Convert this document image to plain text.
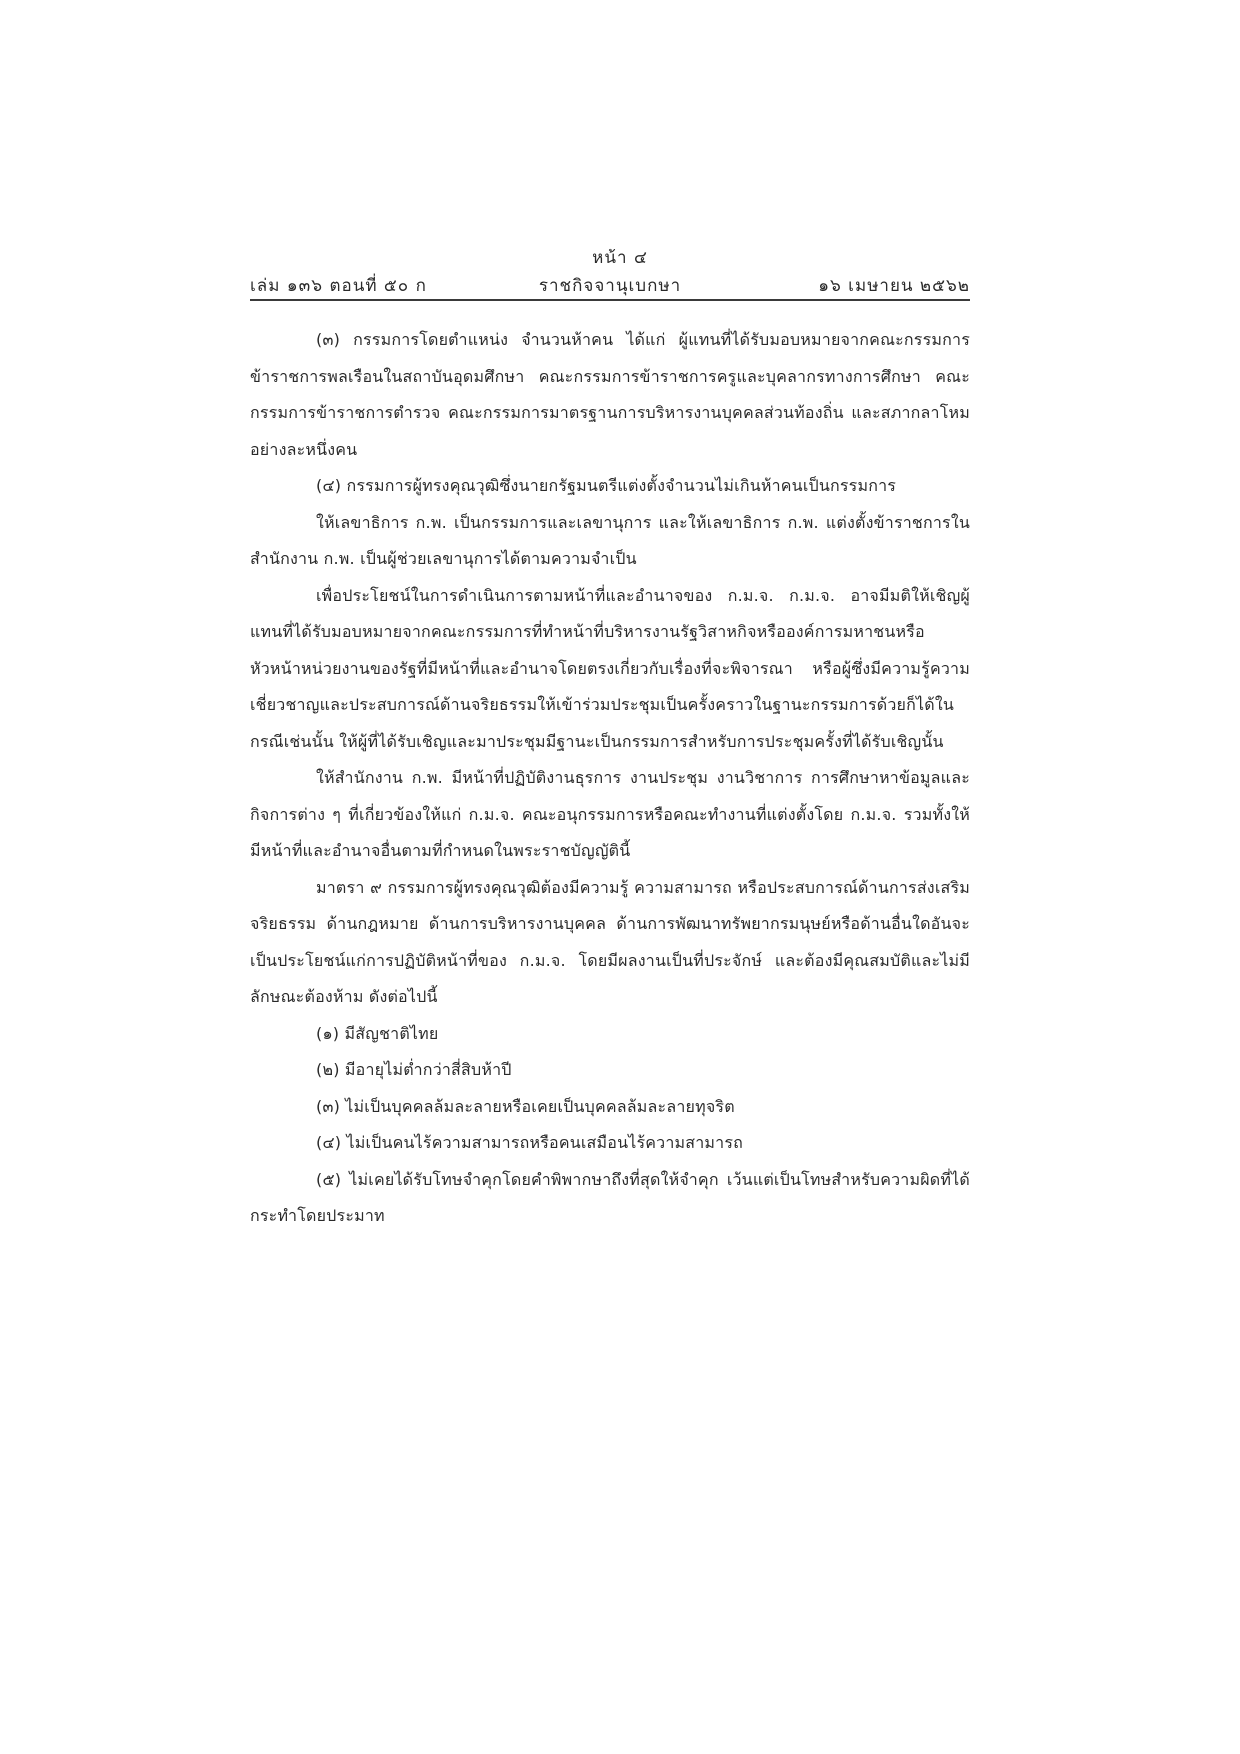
หน้า ๔
เล่ม ๑๓๖ ตอนที่ ๕๐ ก	ราชกิจจานุเบกษา	๑๖ เมษายน ๒๕๖๒

(๓) กรรมการโดยตำแหน่ง จำนวนห้าคน ได้แก่ ผู้แทนที่ได้รับมอบหมายจากคณะกรรมการข้าราชการพลเรือนในสถาบันอุดมศึกษา คณะกรรมการข้าราชการครูและบุคลากรทางการศึกษา คณะกรรมการข้าราชการตำรวจ คณะกรรมการมาตรฐานการบริหารงานบุคคลส่วนท้องถิ่น และสภากลาโหม อย่างละหนึ่งคน

(๔) กรรมการผู้ทรงคุณวุฒิซึ่งนายกรัฐมนตรีแต่งตั้งจำนวนไม่เกินห้าคนเป็นกรรมการ

ให้เลขาธิการ ก.พ. เป็นกรรมการและเลขานุการ และให้เลขาธิการ ก.พ. แต่งตั้งข้าราชการในสำนักงาน ก.พ. เป็นผู้ช่วยเลขานุการได้ตามความจำเป็น

เพื่อประโยชน์ในการดำเนินการตามหน้าที่และอำนาจของ ก.ม.จ. ก.ม.จ. อาจมีมติให้เชิญผู้แทนที่ได้รับมอบหมายจากคณะกรรมการที่ทำหน้าที่บริหารงานรัฐวิสาหกิจหรือองค์การมหาชนหรือหัวหน้าหน่วยงานของรัฐที่มีหน้าที่และอำนาจโดยตรงเกี่ยวกับเรื่องที่จะพิจารณา หรือผู้ซึ่งมีความรู้ความเชี่ยวชาญและประสบการณ์ด้านจริยธรรมให้เข้าร่วมประชุมเป็นครั้งคราวในฐานะกรรมการด้วยก็ได้ในกรณีเช่นนั้น ให้ผู้ที่ได้รับเชิญและมาประชุมมีฐานะเป็นกรรมการสำหรับการประชุมครั้งที่ได้รับเชิญนั้น

ให้สำนักงาน ก.พ. มีหน้าที่ปฏิบัติงานธุรการ งานประชุม งานวิชาการ การศึกษาหาข้อมูลและกิจการต่าง ๆ ที่เกี่ยวข้องให้แก่ ก.ม.จ. คณะอนุกรรมการหรือคณะทำงานที่แต่งตั้งโดย ก.ม.จ. รวมทั้งให้มีหน้าที่และอำนาจอื่นตามที่กำหนดในพระราชบัญญัตินี้

มาตรา ๙ กรรมการผู้ทรงคุณวุฒิต้องมีความรู้ ความสามารถ หรือประสบการณ์ด้านการส่งเสริมจริยธรรม ด้านกฎหมาย ด้านการบริหารงานบุคคล ด้านการพัฒนาทรัพยากรมนุษย์หรือด้านอื่นใดอันจะเป็นประโยชน์แก่การปฏิบัติหน้าที่ของ ก.ม.จ. โดยมีผลงานเป็นที่ประจักษ์ และต้องมีคุณสมบัติและไม่มีลักษณะต้องห้าม ดังต่อไปนี้

(๑) มีสัญชาติไทย

(๒) มีอายุไม่ต่ำกว่าสี่สิบห้าปี

(๓) ไม่เป็นบุคคลล้มละลายหรือเคยเป็นบุคคลล้มละลายทุจริต

(๔) ไม่เป็นคนไร้ความสามารถหรือคนเสมือนไร้ความสามารถ

(๕) ไม่เคยได้รับโทษจำคุกโดยคำพิพากษาถึงที่สุดให้จำคุก เว้นแต่เป็นโทษสำหรับความผิดที่ได้กระทำโดยประมาท
